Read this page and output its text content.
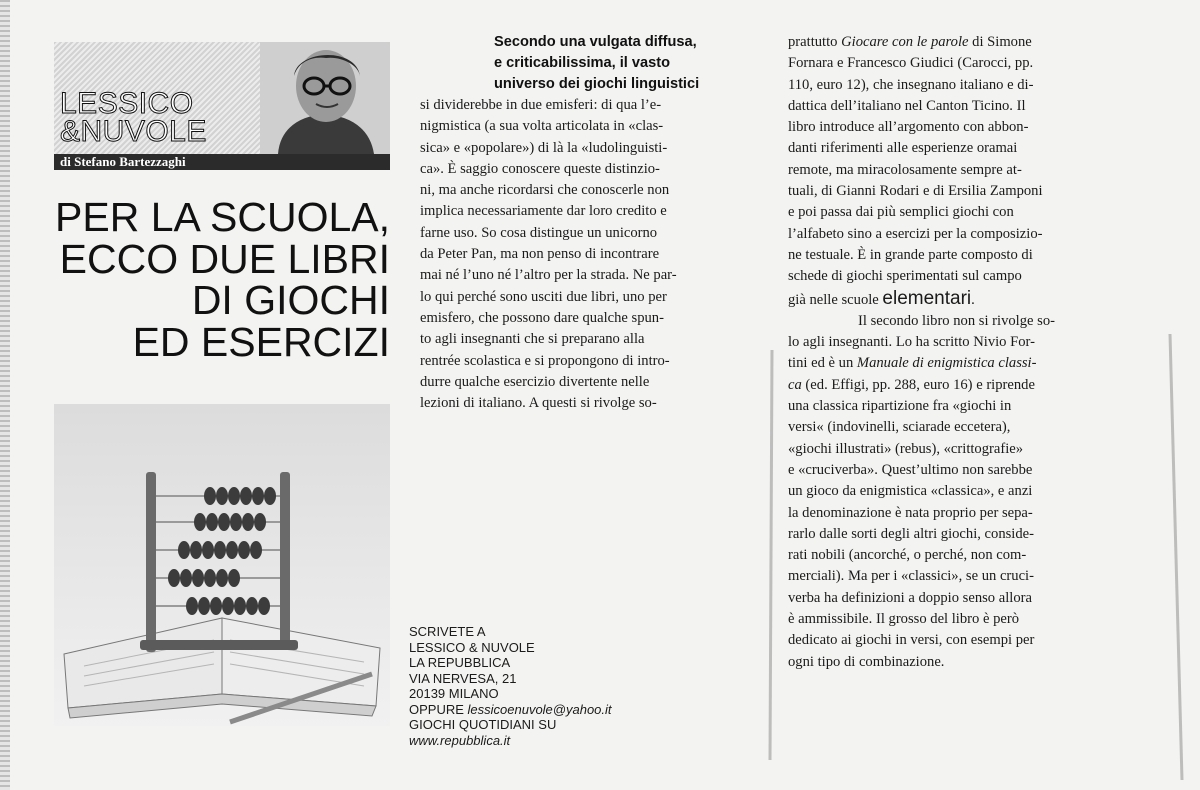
LESSICO
&NUVOLE
di Stefano Bartezzaghi
PER LA SCUOLA,
ECCO DUE LIBRI
DI GIOCHI
ED ESERCIZI
SCRIVETE A
LESSICO & NUVOLE
LA REPUBBLICA
VIA NERVESA, 21
20139 MILANO
OPPURE lessicoenuvole@yahoo.it
GIOCHI QUOTIDIANI SU
www.repubblica.it
Secondo una vulgata diffusa,
e criticabilissima, il vasto
universo dei giochi linguistici
si dividerebbe in due emisferi: di qua l’e-
nigmistica (a sua volta articolata in «clas-
sica» e «popolare») di là la «ludolinguisti-
ca». È saggio conoscere queste distinzio-
ni, ma anche ricordarsi che conoscerle non
implica necessariamente dar loro credito e
farne uso. So cosa distingue un unicorno
da Peter Pan, ma non penso di incontrare
mai né l’uno né l’altro per la strada. Ne par-
lo qui perché sono usciti due libri, uno per
emisfero, che possono dare qualche spun-
to agli insegnanti che si preparano alla
rentrée scolastica e si propongono di intro-
durre qualche esercizio divertente nelle
lezioni di italiano. A questi si rivolge so-
prattutto Giocare con le parole di Simone
Fornara e Francesco Giudici (Carocci, pp.
110, euro 12), che insegnano italiano e di-
dattica dell’italiano nel Canton Ticino. Il
libro introduce all’argomento con abbon-
danti riferimenti alle esperienze oramai
remote, ma miracolosamente sempre at-
tuali, di Gianni Rodari e di Ersilia Zamponi
e poi passa dai più semplici giochi con
l’alfabeto sino a esercizi per la composizio-
ne testuale. È in grande parte composto di
schede di giochi sperimentati sul campo
già nelle scuole elementari.
Il secondo libro non si rivolge so-
lo agli insegnanti. Lo ha scritto Nivio For-
tini ed è un Manuale di enigmistica classi-
ca (ed. Effigi, pp. 288, euro 16) e riprende
una classica ripartizione fra «giochi in
versi« (indovinelli, sciarade eccetera),
«giochi illustrati» (rebus), «crittografie»
e «cruciverba». Quest’ultimo non sarebbe
un gioco da enigmistica «classica», e anzi
la denominazione è nata proprio per sepa-
rarlo dalle sorti degli altri giochi, conside-
rati nobili (ancorché, o perché, non com-
merciali). Ma per i «classici», se un cruci-
verba ha definizioni a doppio senso allora
è ammissibile. Il grosso del libro è però
dedicato ai giochi in versi, con esempi per
ogni tipo di combinazione.
